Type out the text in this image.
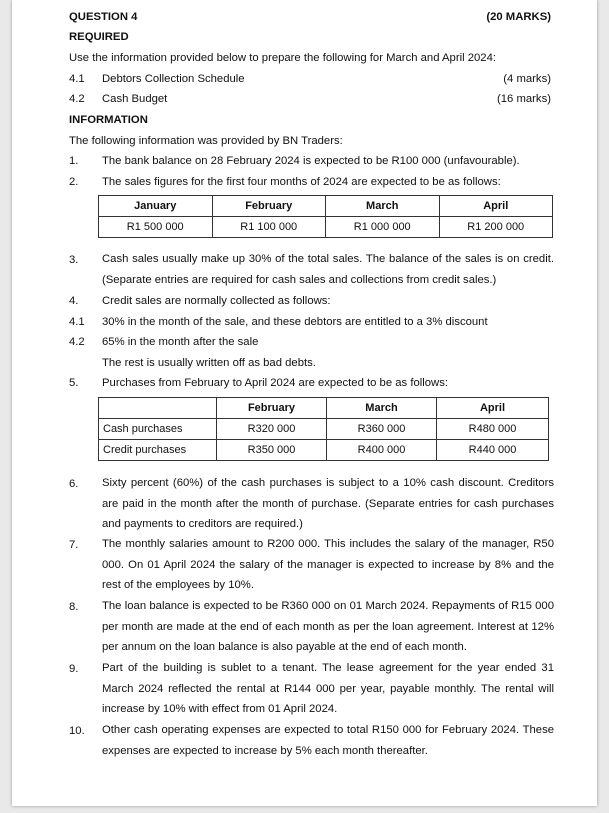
QUESTION 4	(20 MARKS)
REQUIRED
Use the information provided below to prepare the following for March and April 2024:
4.1 Debtors Collection Schedule	(4 marks)
4.2 Cash Budget	(16 marks)
INFORMATION
The following information was provided by BN Traders:
1. The bank balance on 28 February 2024 is expected to be R100 000 (unfavourable).
2. The sales figures for the first four months of 2024 are expected to be as follows:
January	February	March	April
R1 500 000	R1 100 000	R1 000 000	R1 200 000
3. Cash sales usually make up 30% of the total sales. The balance of the sales is on credit. (Separate entries are required for cash sales and collections from credit sales.)
4. Credit sales are normally collected as follows:
4.1 30% in the month of the sale, and these debtors are entitled to a 3% discount
4.2 65% in the month after the sale
The rest is usually written off as bad debts.
5. Purchases from February to April 2024 are expected to be as follows:
	February	March	April
Cash purchases	R320 000	R360 000	R480 000
Credit purchases	R350 000	R400 000	R440 000
6. Sixty percent (60%) of the cash purchases is subject to a 10% cash discount. Creditors are paid in the month after the month of purchase. (Separate entries for cash purchases and payments to creditors are required.)
7. The monthly salaries amount to R200 000. This includes the salary of the manager, R50 000. On 01 April 2024 the salary of the manager is expected to increase by 8% and the rest of the employees by 10%.
8. The loan balance is expected to be R360 000 on 01 March 2024. Repayments of R15 000 per month are made at the end of each month as per the loan agreement. Interest at 12% per annum on the loan balance is also payable at the end of each month.
9. Part of the building is sublet to a tenant. The lease agreement for the year ended 31 March 2024 reflected the rental at R144 000 per year, payable monthly. The rental will increase by 10% with effect from 01 April 2024.
10. Other cash operating expenses are expected to total R150 000 for February 2024. These expenses are expected to increase by 5% each month thereafter.
